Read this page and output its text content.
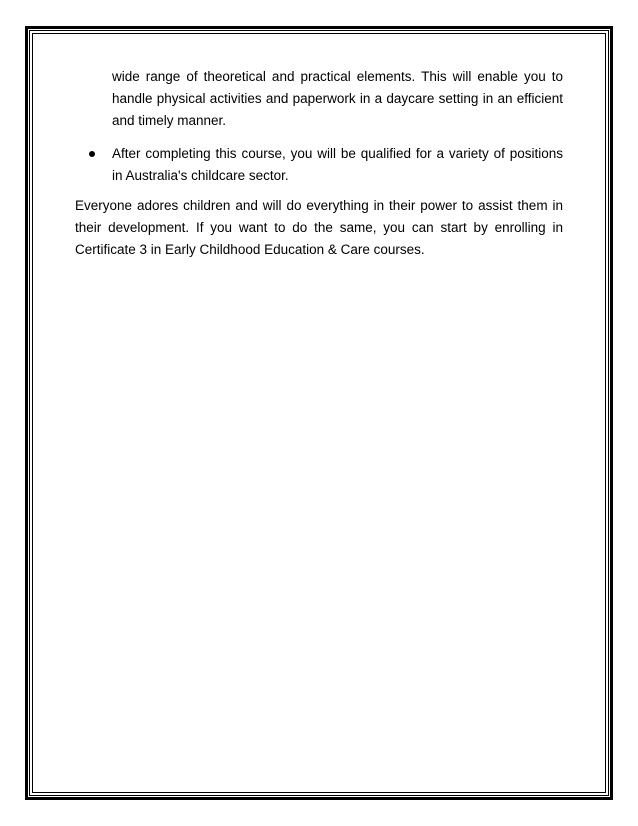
wide range of theoretical and practical elements. This will enable you to handle physical activities and paperwork in a daycare setting in an efficient and timely manner.

After completing this course, you will be qualified for a variety of positions in Australia's childcare sector.

Everyone adores children and will do everything in their power to assist them in their development. If you want to do the same, you can start by enrolling in Certificate 3 in Early Childhood Education & Care courses.
